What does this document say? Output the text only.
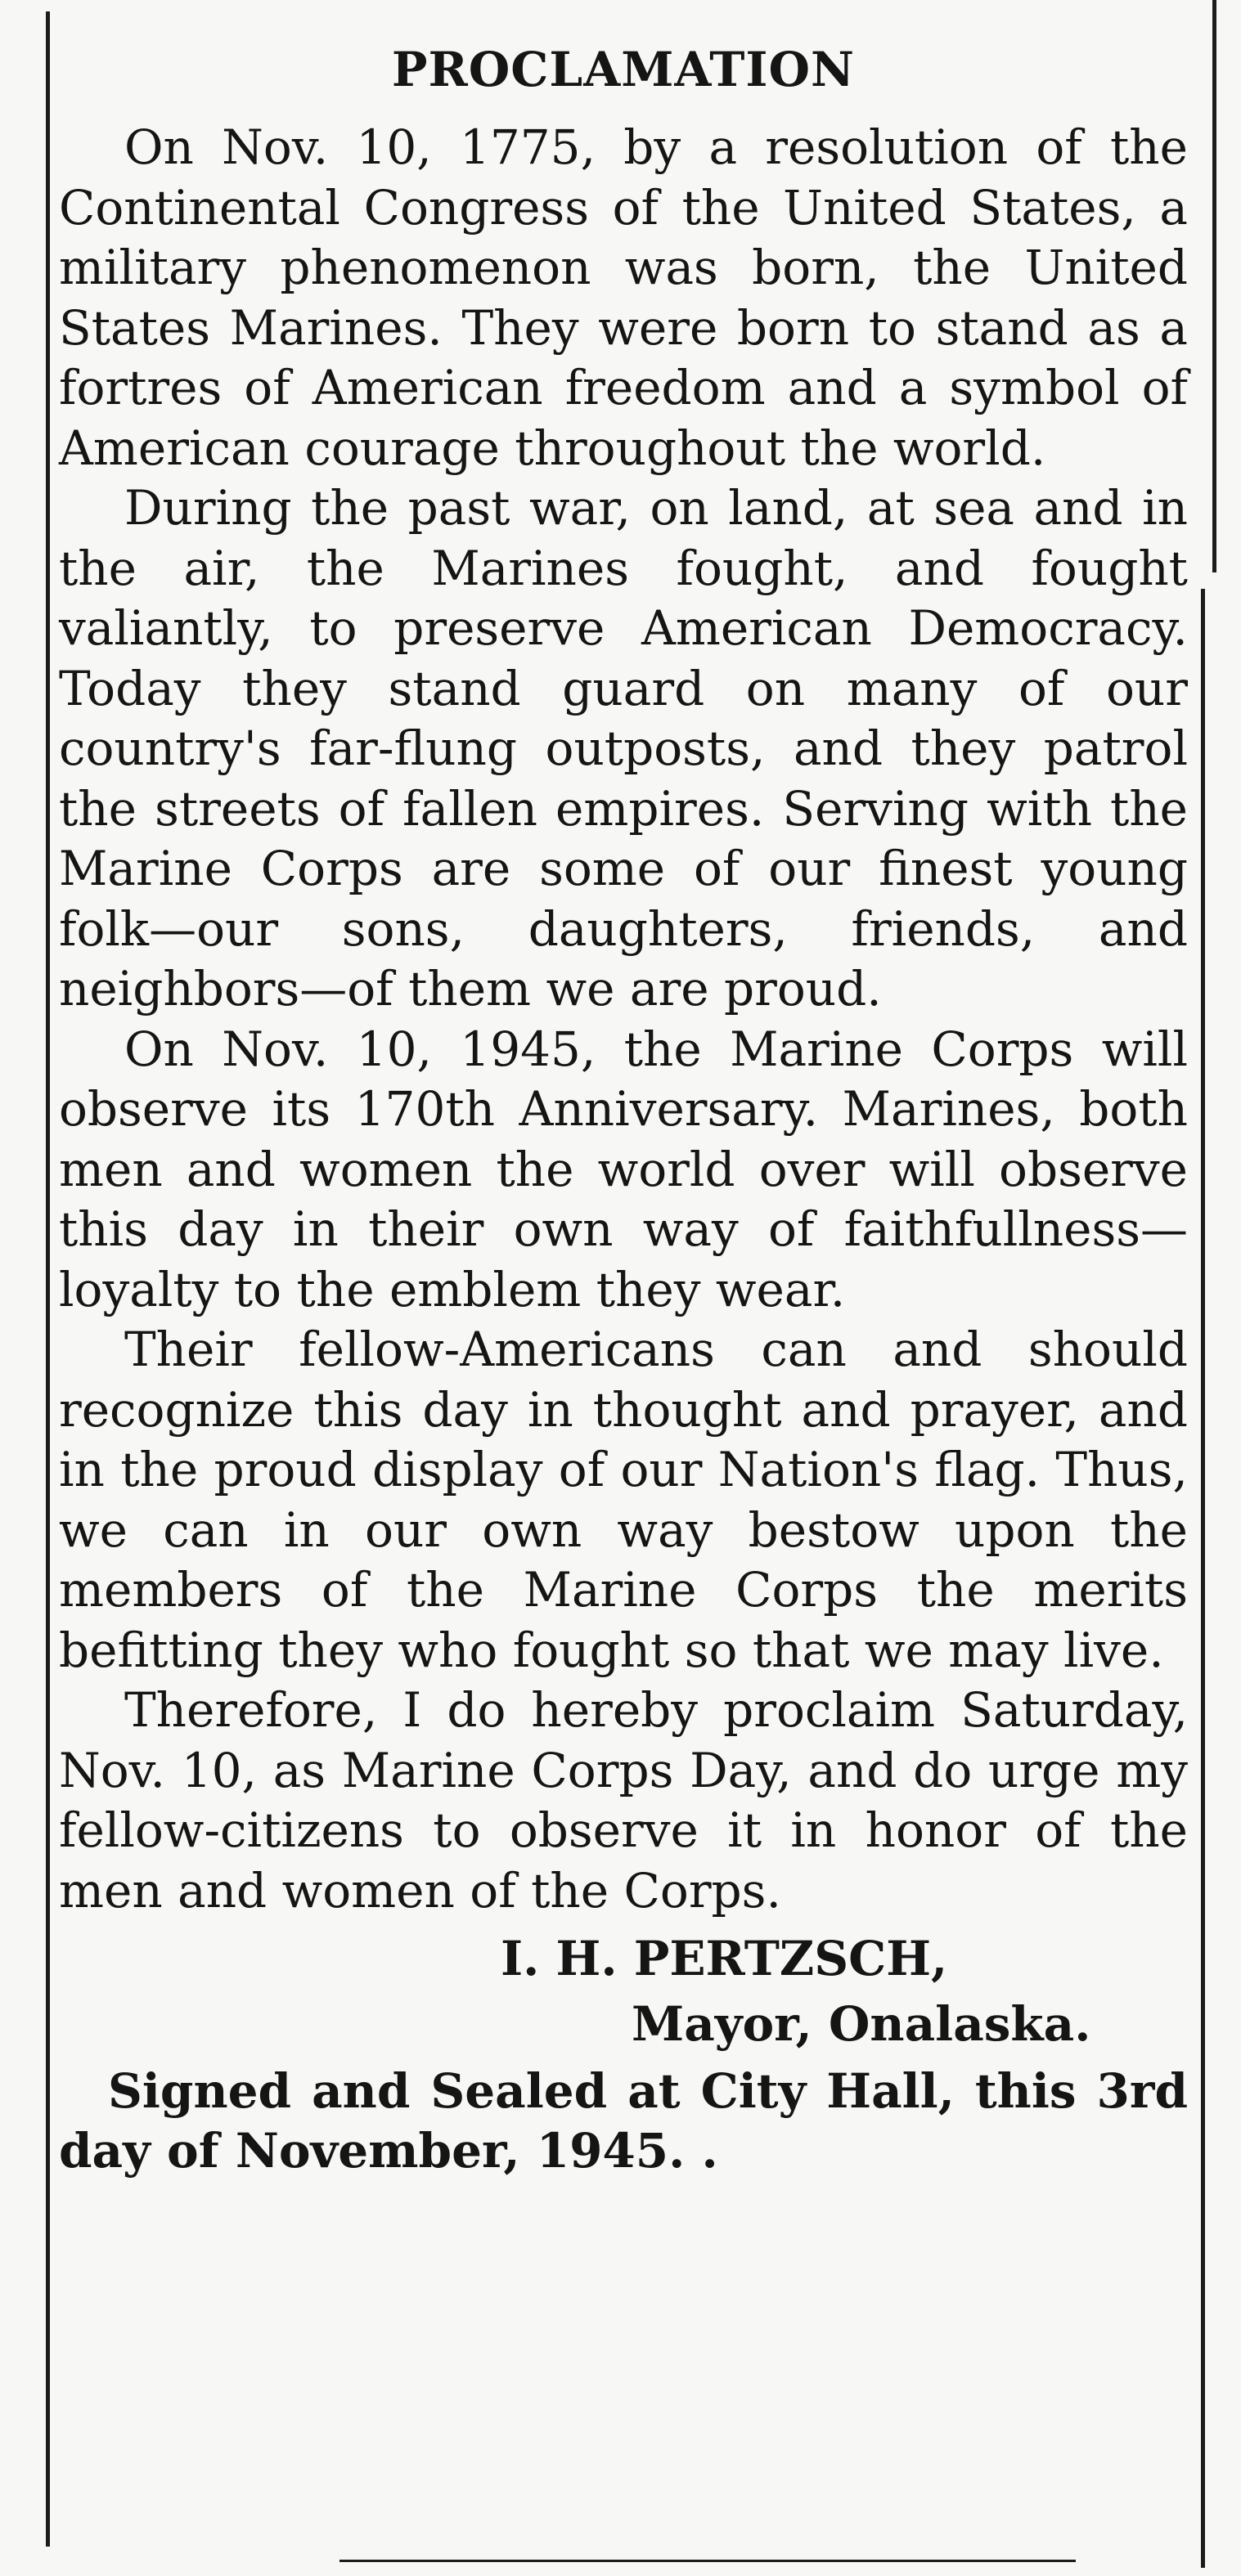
PROCLAMATION

On Nov. 10, 1775, by a resolution of the Continental Congress of the United States, a military phenomenon was born, the United States Marines. They were born to stand as a fortres of American freedom and a symbol of American courage throughout the world.

During the past war, on land, at sea and in the air, the Marines fought, and fought valiantly, to preserve American Democracy. Today they stand guard on many of our country's far-flung outposts, and they patrol the streets of fallen empires. Serving with the Marine Corps are some of our finest young folk—our sons, daughters, friends, and neighbors—of them we are proud.

On Nov. 10, 1945, the Marine Corps will observe its 170th Anniversary. Marines, both men and women the world over will observe this day in their own way of faithfullness—loyalty to the emblem they wear.

Their fellow-Americans can and should recognize this day in thought and prayer, and in the proud display of our Nation's flag. Thus, we can in our own way bestow upon the members of the Marine Corps the merits befitting they who fought so that we may live.

Therefore, I do hereby proclaim Saturday, Nov. 10, as Marine Corps Day, and do urge my fellow-citizens to observe it in honor of the men and women of the Corps.

I. H. PERTZSCH,
Mayor, Onalaska.

Signed and Sealed at City Hall, this 3rd day of November, 1945. .
